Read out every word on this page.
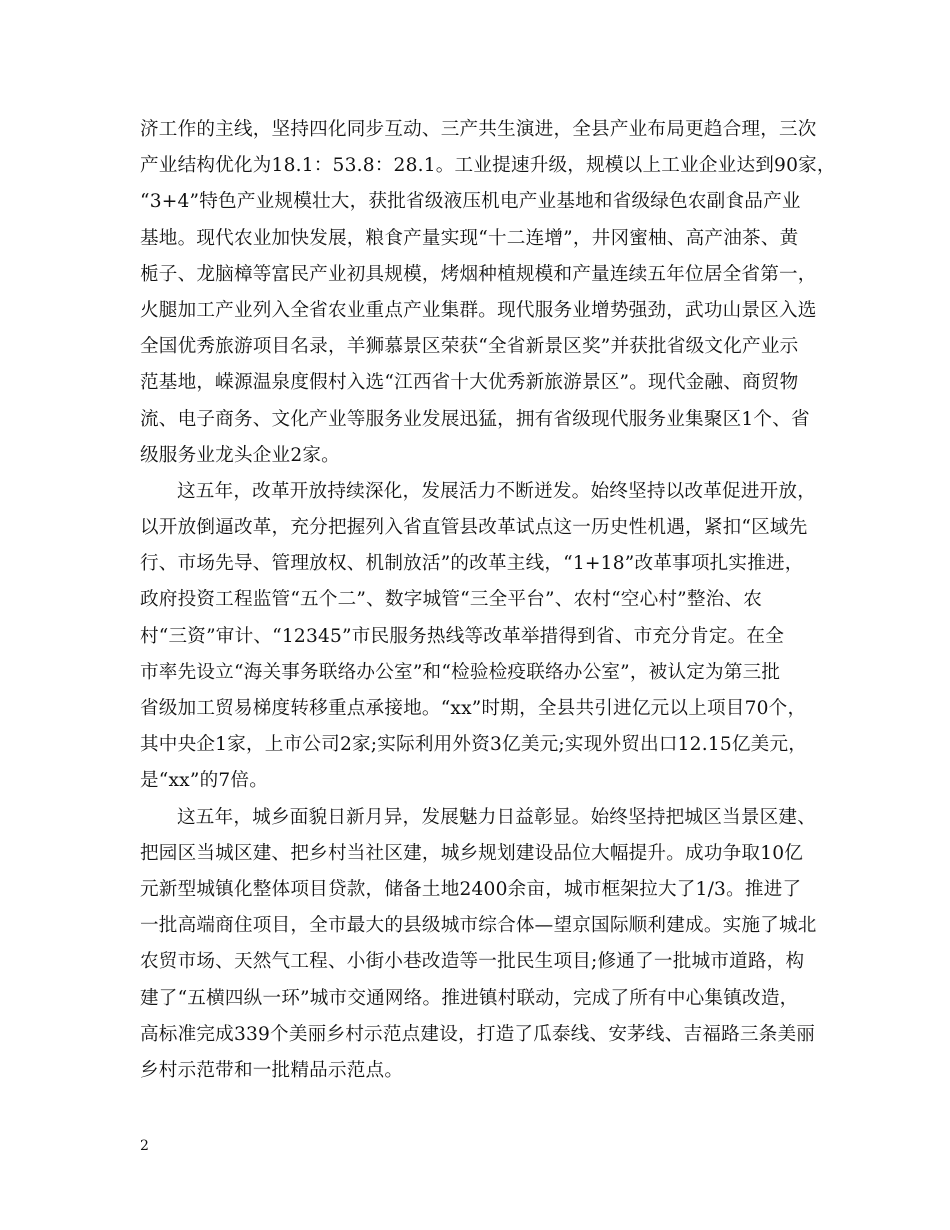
济工作的主线，坚持四化同步互动、三产共生演进，全县产业布局更趋合理，三次
产业结构优化为18.1：53.8：28.1。工业提速升级，规模以上工业企业达到90家，
“3+4”特色产业规模壮大，获批省级液压机电产业基地和省级绿色农副食品产业
基地。现代农业加快发展，粮食产量实现“十二连增”，井冈蜜柚、高产油茶、黄
栀子、龙脑樟等富民产业初具规模，烤烟种植规模和产量连续五年位居全省第一，
火腿加工产业列入全省农业重点产业集群。现代服务业增势强劲，武功山景区入选
全国优秀旅游项目名录，羊狮慕景区荣获“全省新景区奖”并获批省级文化产业示
范基地，嵘源温泉度假村入选“江西省十大优秀新旅游景区”。现代金融、商贸物
流、电子商务、文化产业等服务业发展迅猛，拥有省级现代服务业集聚区1个、省
级服务业龙头企业2家。
这五年，改革开放持续深化，发展活力不断迸发。始终坚持以改革促进开放，
以开放倒逼改革，充分把握列入省直管县改革试点这一历史性机遇，紧扣“区域先
行、市场先导、管理放权、机制放活”的改革主线，“1+18”改革事项扎实推进，
政府投资工程监管“五个二”、数字城管“三全平台”、农村“空心村”整治、农
村“三资”审计、“12345”市民服务热线等改革举措得到省、市充分肯定。在全
市率先设立“海关事务联络办公室”和“检验检疫联络办公室”，被认定为第三批
省级加工贸易梯度转移重点承接地。“xx”时期，全县共引进亿元以上项目70个，
其中央企1家，上市公司2家;实际利用外资3亿美元;实现外贸出口12.15亿美元，
是“xx”的7倍。
这五年，城乡面貌日新月异，发展魅力日益彰显。始终坚持把城区当景区建、
把园区当城区建、把乡村当社区建，城乡规划建设品位大幅提升。成功争取10亿
元新型城镇化整体项目贷款，储备土地2400余亩，城市框架拉大了1/3。推进了
一批高端商住项目，全市最大的县级城市综合体—望京国际顺利建成。实施了城北
农贸市场、天然气工程、小街小巷改造等一批民生项目;修通了一批城市道路，构
建了“五横四纵一环”城市交通网络。推进镇村联动，完成了所有中心集镇改造，
高标准完成339个美丽乡村示范点建设，打造了瓜泰线、安茅线、吉福路三条美丽
乡村示范带和一批精品示范点。
2
